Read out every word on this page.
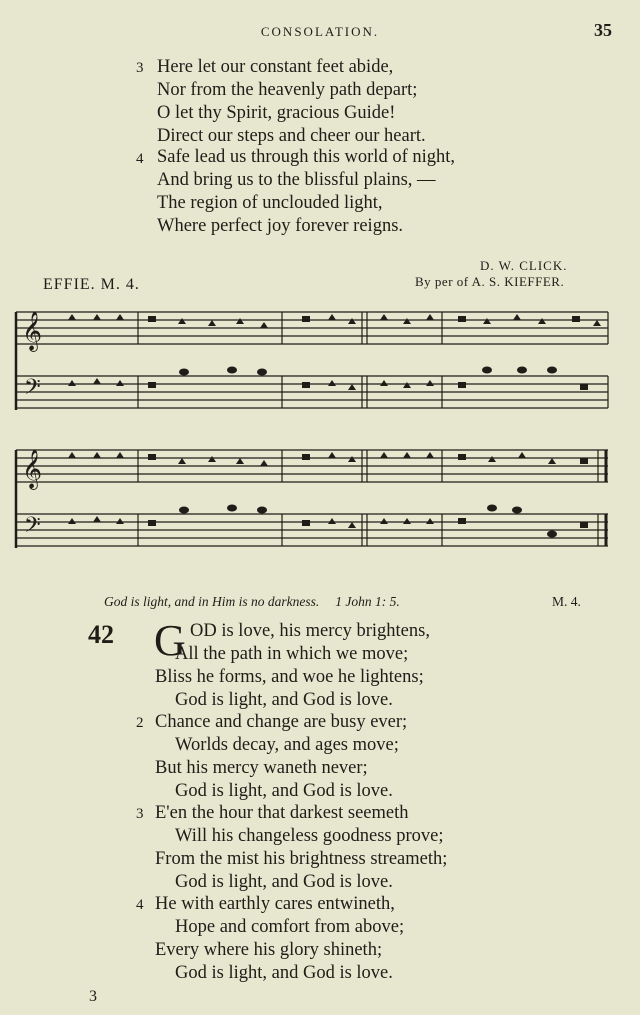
CONSOLATION.	35
3 Here let our constant feet abide,
Nor from the heavenly path depart;
O let thy Spirit, gracious Guide!
Direct our steps and cheer our heart.
4 Safe lead us through this world of night,
And bring us to the blissful plains, —
The region of unclouded light,
Where perfect joy forever reigns.
EFFIE. M. 4.
D. W. CLICK.
By per of A. S. KIEFFER.
𝄞
𝄢
𝄞
𝄢
God is light, and in Him is no darkness. 1 John 1: 5.	M. 4.
42 G OD is love, his mercy brightens,
All the path in which we move;
Bliss he forms, and woe he lightens;
God is light, and God is love.
2 Chance and change are busy ever;
Worlds decay, and ages move;
But his mercy waneth never;
God is light, and God is love.
3 E'en the hour that darkest seemeth
Will his changeless goodness prove;
From the mist his brightness streameth;
God is light, and God is love.
4 He with earthly cares entwineth,
Hope and comfort from above;
Every where his glory shineth;
God is light, and God is love.
3
